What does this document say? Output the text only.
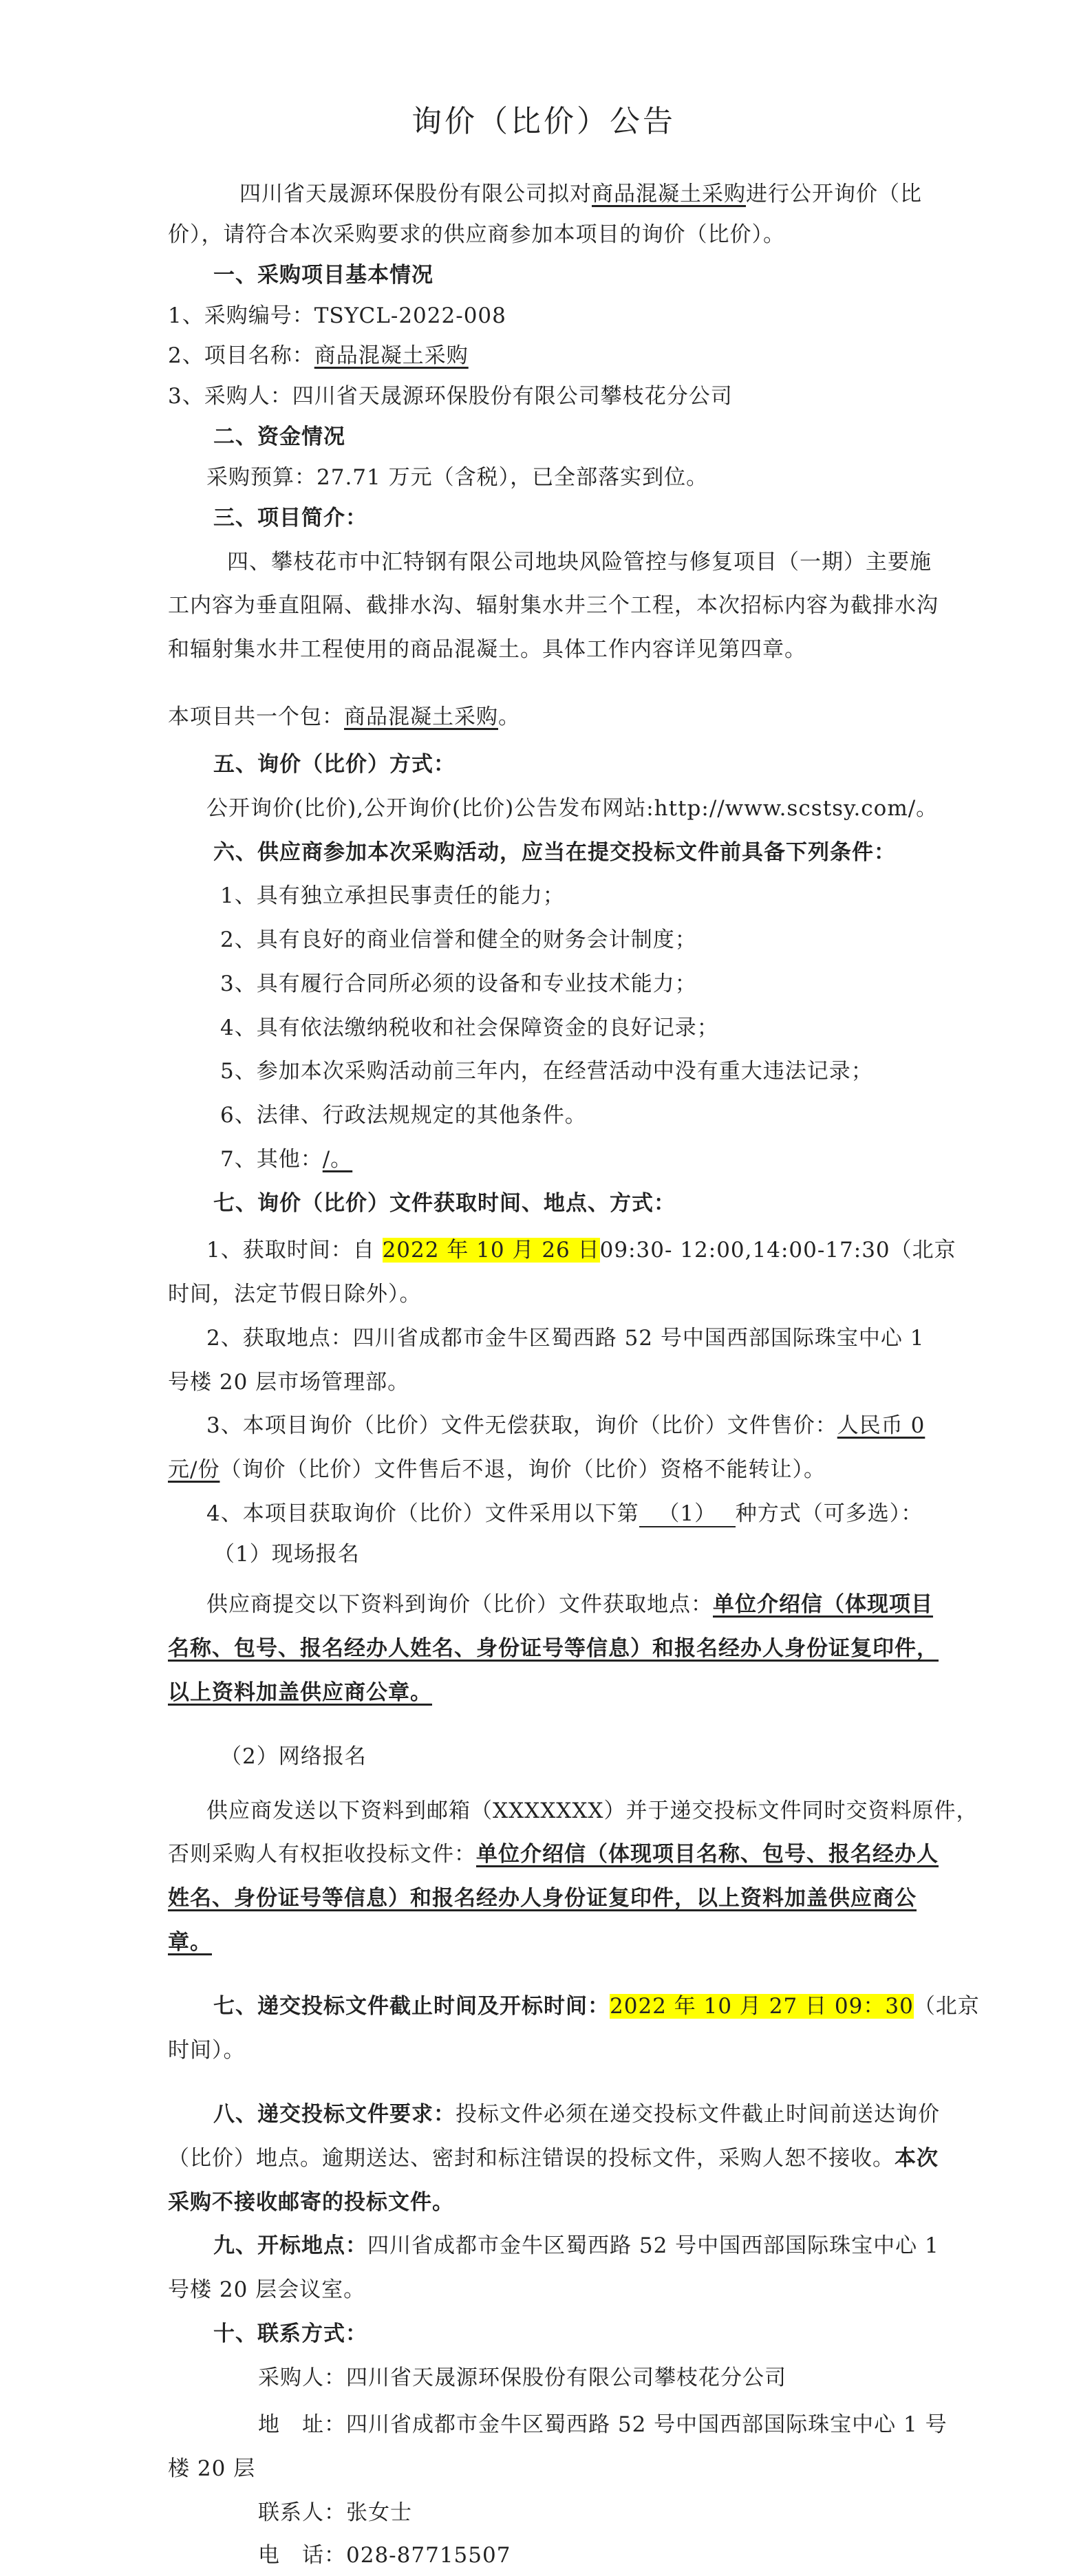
询价（比价）公告
四川省天晟源环保股份有限公司拟对商品混凝土采购进行公开询价（比
价），请符合本次采购要求的供应商参加本项目的询价（比价）。
一、采购项目基本情况
1、采购编号：TSYCL-2022-008
2、项目名称：商品混凝土采购
3、采购人：四川省天晟源环保股份有限公司攀枝花分公司
二、资金情况
采购预算：27.71 万元（含税），已全部落实到位。
三、项目简介：
四、攀枝花市中汇特钢有限公司地块风险管控与修复项目（一期）主要施
工内容为垂直阻隔、截排水沟、辐射集水井三个工程，本次招标内容为截排水沟
和辐射集水井工程使用的商品混凝土。具体工作内容详见第四章。
本项目共一个包：商品混凝土采购。
五、询价（比价）方式：
公开询价(比价),公开询价(比价)公告发布网站:http://www.scstsy.com/。
六、供应商参加本次采购活动，应当在提交投标文件前具备下列条件：
1、具有独立承担民事责任的能力；
2、具有良好的商业信誉和健全的财务会计制度；
3、具有履行合同所必须的设备和专业技术能力；
4、具有依法缴纳税收和社会保障资金的良好记录；
5、参加本次采购活动前三年内，在经营活动中没有重大违法记录；
6、法律、行政法规规定的其他条件。
7、其他：/。
七、询价（比价）文件获取时间、地点、方式：
1、获取时间：自 2022 年 10 月 26 日09:30- 12:00,14:00-17:30（北京
时间，法定节假日除外）。
2、获取地点：四川省成都市金牛区蜀西路 52 号中国西部国际珠宝中心 1
号楼 20 层市场管理部。
3、本项目询价（比价）文件无偿获取，询价（比价）文件售价：人民币 0
元/份（询价（比价）文件售后不退，询价（比价）资格不能转让）。
4、本项目获取询价（比价）文件采用以下第 （1） 种方式（可多选）：
（1）现场报名
供应商提交以下资料到询价（比价）文件获取地点：单位介绍信（体现项目
名称、包号、报名经办人姓名、身份证号等信息）和报名经办人身份证复印件，
以上资料加盖供应商公章。
（2）网络报名
供应商发送以下资料到邮箱（XXXXXXX）并于递交投标文件同时交资料原件，
否则采购人有权拒收投标文件：单位介绍信（体现项目名称、包号、报名经办人
姓名、身份证号等信息）和报名经办人身份证复印件，以上资料加盖供应商公
章。
七、递交投标文件截止时间及开标时间：2022 年 10 月 27 日 09：30（北京
时间）。
八、递交投标文件要求：投标文件必须在递交投标文件截止时间前送达询价
（比价）地点。逾期送达、密封和标注错误的投标文件，采购人恕不接收。本次
采购不接收邮寄的投标文件。
九、开标地点：四川省成都市金牛区蜀西路 52 号中国西部国际珠宝中心 1
号楼 20 层会议室。
十、联系方式：
采购人：四川省天晟源环保股份有限公司攀枝花分公司
地　址：四川省成都市金牛区蜀西路 52 号中国西部国际珠宝中心 1 号
楼 20 层
联系人：张女士
电　话：028-87715507
